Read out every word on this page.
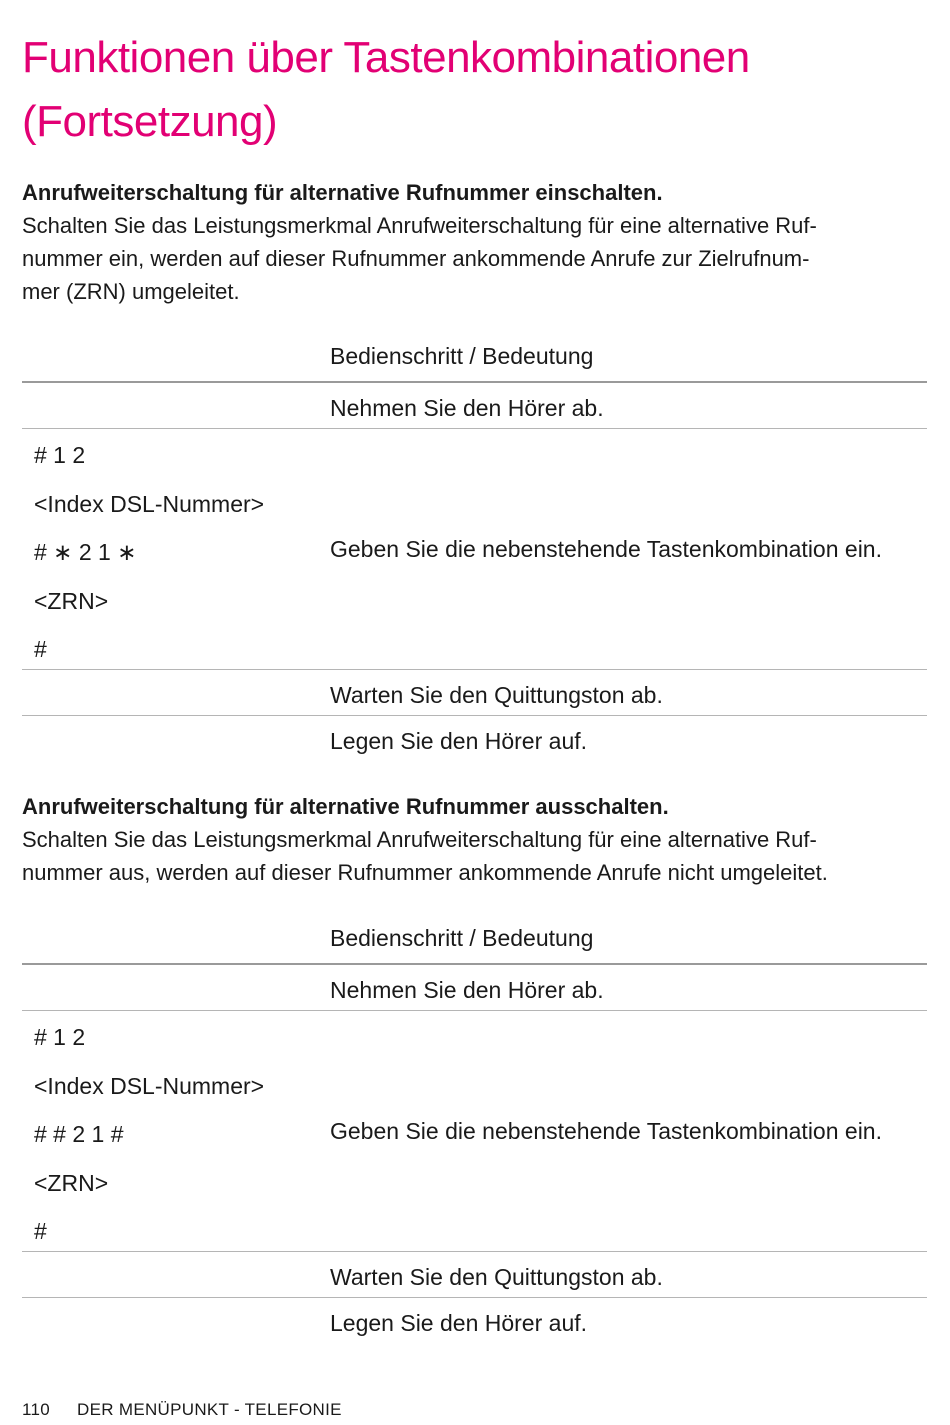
Funktionen über Tastenkombinationen
(Fortsetzung)
Anrufweiterschaltung für alternative Rufnummer einschalten.
Schalten Sie das Leistungsmerkmal Anrufweiterschaltung für eine alternative Ruf-
nummer ein, werden auf dieser Rufnummer ankommende Anrufe zur Zielrufnum-
mer (ZRN) umgeleitet.
Bedienschritt / Bedeutung
Nehmen Sie den Hörer ab.
# 1 2
<Index DSL-Nummer>
# ∗ 2 1 ∗
<ZRN>
#
Geben Sie die nebenstehende Tastenkombination ein.
Warten Sie den Quittungston ab.
Legen Sie den Hörer auf.
Anrufweiterschaltung für alternative Rufnummer ausschalten.
Schalten Sie das Leistungsmerkmal Anrufweiterschaltung für eine alternative Ruf-
nummer aus, werden auf dieser Rufnummer ankommende Anrufe nicht umgeleitet.
Bedienschritt / Bedeutung
Nehmen Sie den Hörer ab.
# 1 2
<Index DSL-Nummer>
# # 2 1 #
<ZRN>
#
Geben Sie die nebenstehende Tastenkombination ein.
Warten Sie den Quittungston ab.
Legen Sie den Hörer auf.
110 DER MENÜPUNKT - TELEFONIE
